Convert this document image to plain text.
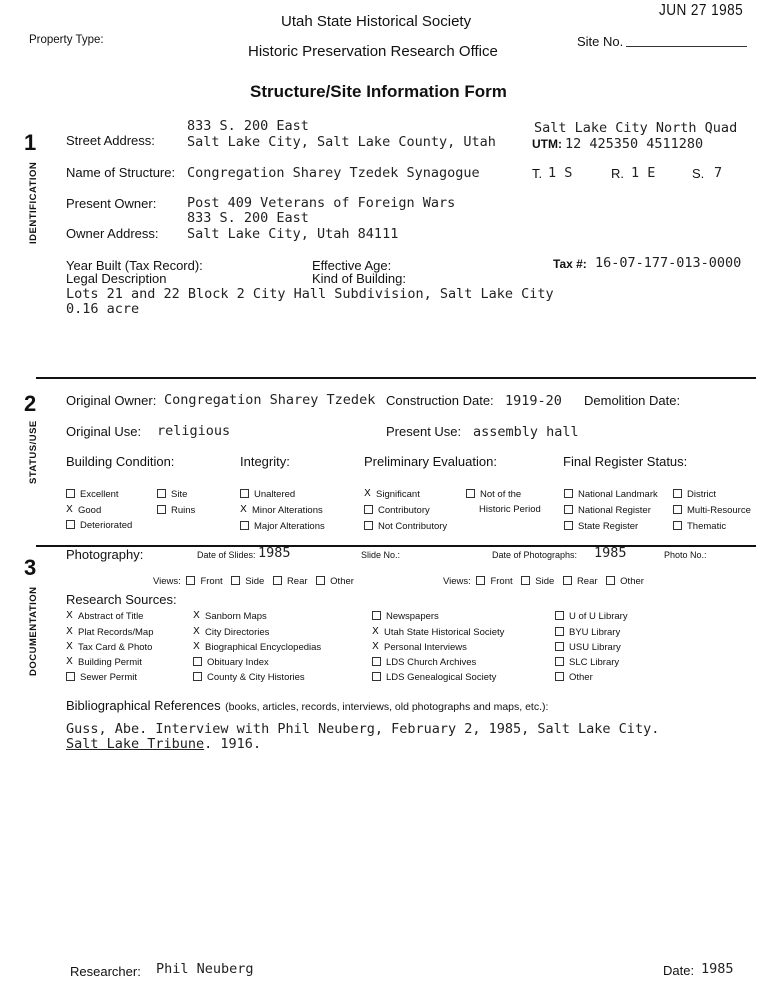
JUN 27 1985
Utah State Historical Society
Property Type:	Site No.
Historic Preservation Research Office
Structure/Site Information Form
1
IDENTIFICATION
833 S. 200 East
Street Address: Salt Lake City, Salt Lake County, Utah
Salt Lake City North Quad
UTM: 12 425350 4511280
Name of Structure: Congregation Sharey Tzedek Synagogue	T. 1 S	R. 1 E	S. 7
Present Owner: Post 409 Veterans of Foreign Wars
833 S. 200 East
Owner Address: Salt Lake City, Utah 84111
Year Built (Tax Record):	Effective Age:	Tax #: 16-07-177-013-0000
Legal Description	Kind of Building:
Lots 21 and 22 Block 2 City Hall Subdivision, Salt Lake City
0.16 acre
2
STATUS/USE
Original Owner: Congregation Sharey Tzedek Construction Date: 1919-20 Demolition Date:
Original Use: religious	Present Use: assembly hall
Building Condition:	Integrity:	Preliminary Evaluation:	Final Register Status:
Excellent
X Good
Deteriorated
Site
Ruins
Unaltered
X Minor Alterations
Major Alterations
X Significant
Contributory
Not Contributory
Not of the
Historic Period
National Landmark
National Register
State Register
District
Multi-Resource
Thematic
3
DOCUMENTATION
Photography:	Date of Slides: 1985	Slide No.:	Date of Photographs: 1985	Photo No.:
Views: Front Side Rear Other	Views: Front Side Rear Other
Research Sources:
X Abstract of Title
X Plat Records/Map
X Tax Card & Photo
X Building Permit
Sewer Permit
X Sanborn Maps
X City Directories
X Biographical Encyclopedias
Obituary Index
County & City Histories
Newspapers
X Utah State Historical Society
X Personal Interviews
LDS Church Archives
LDS Genealogical Society
U of U Library
BYU Library
USU Library
SLC Library
Other
Bibliographical References (books, articles, records, interviews, old photographs and maps, etc.):
Guss, Abe. Interview with Phil Neuberg, February 2, 1985, Salt Lake City.
Salt Lake Tribune. 1916.
Researcher: Phil Neuberg	Date: 1985
